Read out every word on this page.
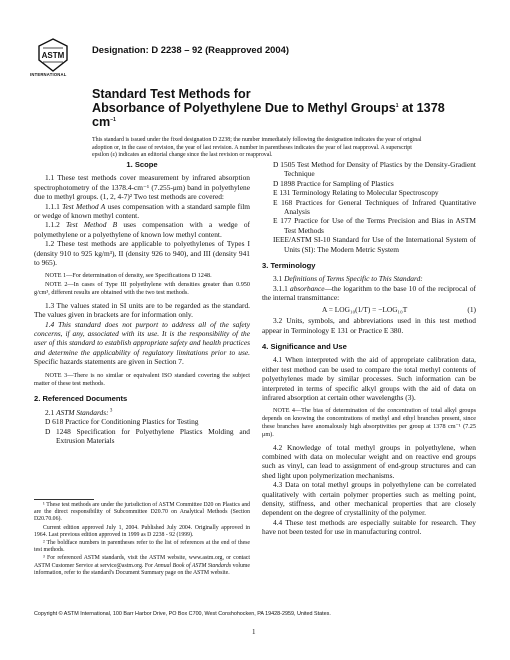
ASTM
INTERNATIONAL
Designation: D 2238 – 92 (Reapproved 2004)
Standard Test Methods for
Absorbance of Polyethylene Due to Methyl Groups$^1$ at 1378
$cm^{-1}$
This standard is issued under the fixed designation D 2238; the number immediately following the designation indicates the year of original adoption or, in the case of revision, the year of last revision. A number in parentheses indicates the year of last reapproval. A superscript epsilon (ε) indicates an editorial change since the last revision or reapproval.

1. Scope

1.1 These test methods cover measurement by infrared absorption spectrophotometry of the 1378.4-cm⁻¹ (7.255-μm) band in polyethylene due to methyl groups. (1, 2, 4-7)² Two test methods are covered:

1.1.1 Test Method A uses compensation with a standard sample film or wedge of known methyl content.

1.1.2 Test Method B uses compensation with a wedge of polymethylene or a polyethylene of known low methyl content.

1.2 These test methods are applicable to polyethylenes of Types I (density 910 to 925 kg/m³), II (density 926 to 940), and III (density 941 to 965).

NOTE 1—For determination of density, see Specifications D 1248.

NOTE 2—In cases of Type III polyethylene with densities greater than 0.950 g/cm³, different results are obtained with the two test methods.

1.3 The values stated in SI units are to be regarded as the standard. The values given in brackets are for information only.

1.4 This standard does not purport to address all of the safety concerns, if any, associated with its use. It is the responsibility of the user of this standard to establish appropriate safety and health practices and determine the applicability of regulatory limitations prior to use. Specific hazards statements are given in Section 7.

NOTE 3—There is no similar or equivalent ISO standard covering the subject matter of these test methods.

2. Referenced Documents

2.1 ASTM Standards: $^3$

D 618 Practice for Conditioning Plastics for Testing

D 1248 Specification for Polyethylene Plastics Molding and Extrusion Materials

¹ These test methods are under the jurisdiction of ASTM Committee D20 on Plastics and are the direct responsibility of Subcommittee D20.70 on Analytical Methods (Section D20.70.06).

Current edition approved July 1, 2004. Published July 2004. Originally approved in 1964. Last previous edition approved in 1999 as D 2238 - 92 (1999).

² The boldface numbers in parentheses refer to the list of references at the end of these test methods.

³ For referenced ASTM standards, visit the ASTM website, www.astm.org, or contact ASTM Customer Service at service@astm.org. For Annual Book of ASTM Standards volume information, refer to the standard's Document Summary page on the ASTM website.

D 1505 Test Method for Density of Plastics by the Density-Gradient Technique

D 1898 Practice for Sampling of Plastics

E 131 Terminology Relating to Molecular Spectroscopy

E 168 Practices for General Techniques of Infrared Quantitative Analysis

E 177 Practice for Use of the Terms Precision and Bias in ASTM Test Methods

IEEE/ASTM SI-10 Standard for Use of the International System of Units (SI): The Modern Metric System

3. Terminology

3.1 Definitions of Terms Specific to This Standard:

3.1.1 absorbance—the logarithm to the base 10 of the reciprocal of the internal transmittance:

A = LOG₁₀(1/T) = −LOG₁₀T	(1)

3.2 Units, symbols, and abbreviations used in this test method appear in Terminology E 131 or Practice E 380.

4. Significance and Use

4.1 When interpreted with the aid of appropriate calibration data, either test method can be used to compare the total methyl contents of polyethylenes made by similar processes. Such information can be interpreted in terms of specific alkyl groups with the aid of data on infrared absorption at certain other wavelengths (3).

NOTE 4—The bias of determination of the concentration of total alkyl groups depends on knowing the concentrations of methyl and ethyl branches present, since these branches have anomalously high absorptivities per group at 1378 cm⁻¹ (7.25 μm).

4.2 Knowledge of total methyl groups in polyethylene, when combined with data on molecular weight and on reactive end groups such as vinyl, can lead to assignment of end-group structures and can shed light upon polymerization mechanisms.

4.3 Data on total methyl groups in polyethylene can be correlated qualitatively with certain polymer properties such as melting point, density, stiffness, and other mechanical properties that are closely dependent on the degree of crystallinity of the polymer.

4.4 These test methods are especially suitable for research. They have not been tested for use in manufacturing control.

Copyright © ASTM International, 100 Barr Harbor Drive, PO Box C700, West Conshohocken, PA 19428-2959, United States.
1
